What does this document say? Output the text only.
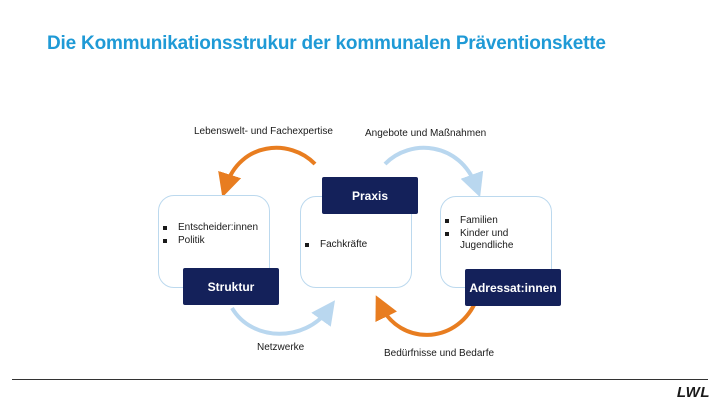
Die Kommunikationsstrukur der kommunalen Präventionskette
Entscheider:innen
Politik
Struktur
Fachkräfte
Praxis
Familien
Kinder und Jugendliche
Adressat:innen
Lebenswelt- und Fachexpertise	Angebote und Maßnahmen
Netzwerke
Bedürfnisse und Bedarfe
LWL
